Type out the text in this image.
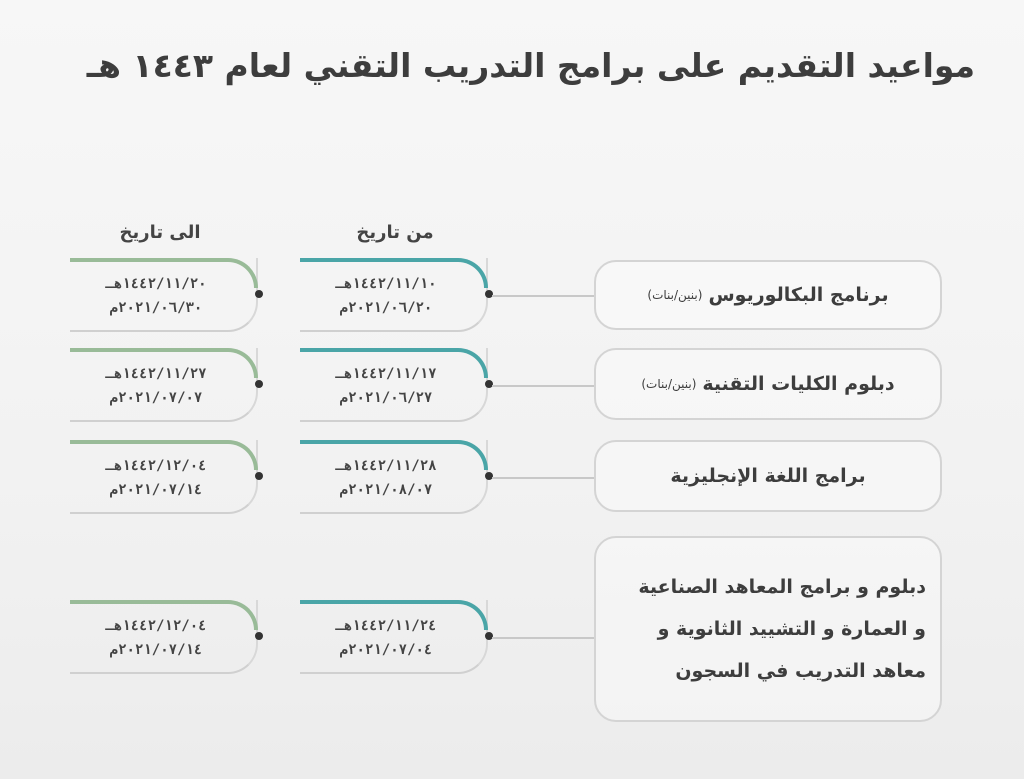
مواعيد التقديم على برامج التدريب التقني لعام ١٤٤٣ هـ
من تاريخ
الى تاريخ
١٤٤٢/١١/٢٠هـ
٢٠٢١/٠٦/٣٠م
١٤٤٢/١١/١٠هـ
٢٠٢١/٠٦/٢٠م
برنامج البكالوريوس
(بنين/بنات)
١٤٤٢/١١/٢٧هـ
٢٠٢١/٠٧/٠٧م
١٤٤٢/١١/١٧هـ
٢٠٢١/٠٦/٢٧م
دبلوم الكليات التقنية
(بنين/بنات)
١٤٤٢/١٢/٠٤هـ
٢٠٢١/٠٧/١٤م
١٤٤٢/١١/٢٨هـ
٢٠٢١/٠٨/٠٧م
برامج اللغة الإنجليزية
١٤٤٢/١٢/٠٤هـ
٢٠٢١/٠٧/١٤م
١٤٤٢/١١/٢٤هـ
٢٠٢١/٠٧/٠٤م
دبلوم و برامج المعاهد الصناعية
و العمارة و التشييد الثانوية و
معاهد التدريب في السجون
